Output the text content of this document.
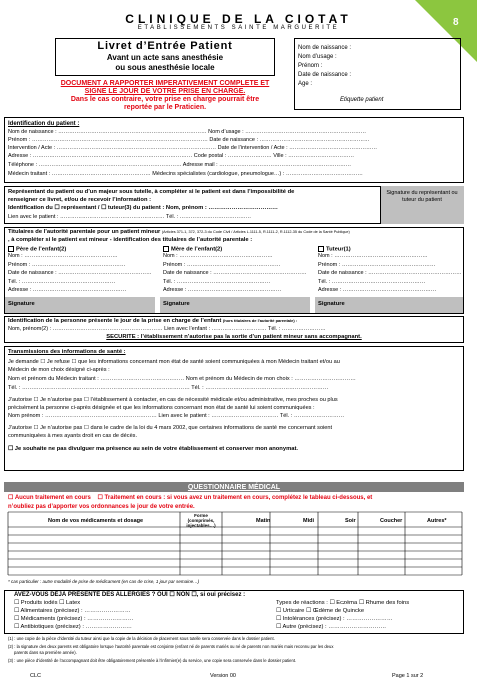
8
CLINIQUE DE LA CIOTAT
ETABLISSEMENTS SAINTE MARGUERITE
Livret d’Entrée Patient
Avant un acte sans anesthésie
ou sous anesthésie locale
DOCUMENT A RAPPORTER IMPERATIVEMENT COMPLETE ET
SIGNE LE JOUR DE VOTRE PRISE EN CHARGE.
Dans le cas contraire, votre prise en charge pourrait être
reportée par le Praticien.
Nom de naissance :
Nom d’usage :
Prénom :
Date de naissance :
Age :
Etiquette patient
Identification du patient :
Nom de naissance : ……………………………………………………………………… Nom d’usage : …………………………………………………………
Prénom : …………………………………………………………………………………… Date de naissance : ……………………………………………………
Intervention / Acte : …………………………………………………………………………… Date de l’intervention / Acte : …………………………………………
Adresse : …………………………………………………………………………… Code postal : …………………… Ville : ………………………………
Téléphone : …………………………………………………………………… Adresse mail : ………………………………………………………………
Médecin traitant : ……………………………………………… Médecins spécialistes (cardiologue, pneumologue…) : ……………………………………
Signature du représentant ou tuteur du patient
Représentant du patient ou d’un majeur sous tutelle, à compléter si le patient est dans l’impossibilité de
renseigner ce livret, et/ou de recevoir l’information :
Identification du ☐ représentant / ☐ tuteur(3) du patient : Nom, prénom : ………………………………
Lien avec le patient : ………………………………………………… Tél. : …………………………………
Titulaires de l’autorité parentale pour un patient mineur (Articles 371-1, 372, 372-3 du Code Civil / Articles L.1111-5, R.1111-2, R.1112-35 du Code de la Santé Publique)
, à compléter si le patient est mineur - identification des titulaires de l’autorité parentale :
Père de l’enfant(2)	Mère de l’enfant(2)	Tuteur(1)
Nom : ……………………………………………	Nom : ……………………………………………	Nom : ……………………………………………
Prénom : ……………………………………………	Prénom : ……………………………………………	Prénom : ……………………………………………
Date de naissance : …………………………………………… Date de naissance : …………………………………………… Date de naissance : ……………………………………………
Tél. : ……………………………………………	Tél. : ……………………………………………	Tél. : ……………………………………………
Adresse : ……………………………………………	Adresse : ……………………………………………	Adresse : ……………………………………………
Signature	Signature	Signature
Identification de la personne présente le jour de la prise en charge de l’enfant (hors titulaires de l’autorité parentale) :
Nom, prénom(2) : …………………………………………………… Lien avec l’enfant : ………………………… Tél. : ……………………
SECURITE : l’établissement n’autorise pas la sortie d’un patient mineur sans accompagnant.
Transmissions des informations de santé :
Je demande ☐ Je refuse ☐ que les informations concernant mon état de santé soient communiquées à mon Médecin traitant et/ou au
Médecin de mon choix désigné ci-après :
Nom et prénom du Médecin traitant : ……………………………………… Nom et prénom du Médecin de mon choix : ……………………………
Tél. : ……………………………………………………………………………… Tél. : …………………………………………………………
J’autorise ☐ Je n’autorise pas ☐ l’établissement à contacter, en cas de nécessité médicale et/ou administrative, mes proches ou plus
précisément la personne ci-après désignée et que les informations concernant mon état de santé lui soient communiquées :
Nom prénom : …………………………………………………… Lien avec le patient : ……………………………… Tél. : ………………………
J’autorise ☐ Je n’autorise pas ☐ dans le cadre de la loi du 4 mars 2002, que certaines informations de santé me concernant soient
communiquées à mes ayants droit en cas de décès.
☐ Je souhaite ne pas divulguer ma présence au sein de votre établissement et conserver mon anonymat.
QUESTIONNAIRE MÉDICAL
☐ Aucun traitement en cours ☐ Traitement en cours : si vous avez un traitement en cours, complétez le tableau ci-dessous, et
n’oubliez pas d’apporter vos ordonnances le jour de votre entrée.
Nom de vos médicaments et dosage
Forme (comprimés, injectables…)
Matin	Midi	Soir	Coucher	Autres*
* cas particulier : autre modalité de prise de médicament (en cas de crise, 1 jour par semaine…)
AVEZ-VOUS DÉJÀ PRÉSENTÉ DES ALLERGIES ? OUI ☐ NON ☐, si oui précisez :
☐ Produits iodés ☐ Latex
☐ Alimentaires (précisez) : ……………………
☐ Médicaments (précisez) : ……………………
☐ Antibiotiques (précisez) : ……………………
Types de réactions : ☐ Eczéma ☐ Rhume des foins
☐ Urticaire ☐ Œdème de Quincke
☐ Intolérances (précisez) : ……………………
☐ Autre (précisez) : …………………………
(1) : une copie de la pièce d’identité du tuteur ainsi que la copie de la décision de placement sous tutelle sera conservée dans le dossier patient.
(2) : la signature des deux parents est obligatoire lorsque l’autorité parentale est conjointe (enfant né de parents mariés ou né de parents non mariés mais reconnu par les deux
parents dans sa première année).
(3) : une pièce d’identité de l’accompagnant doit être obligatoirement présentée à l’infirmier(e) du service, une copie sera conservée dans le dossier patient.
CLC	Version 00	Page 1 sur 2
